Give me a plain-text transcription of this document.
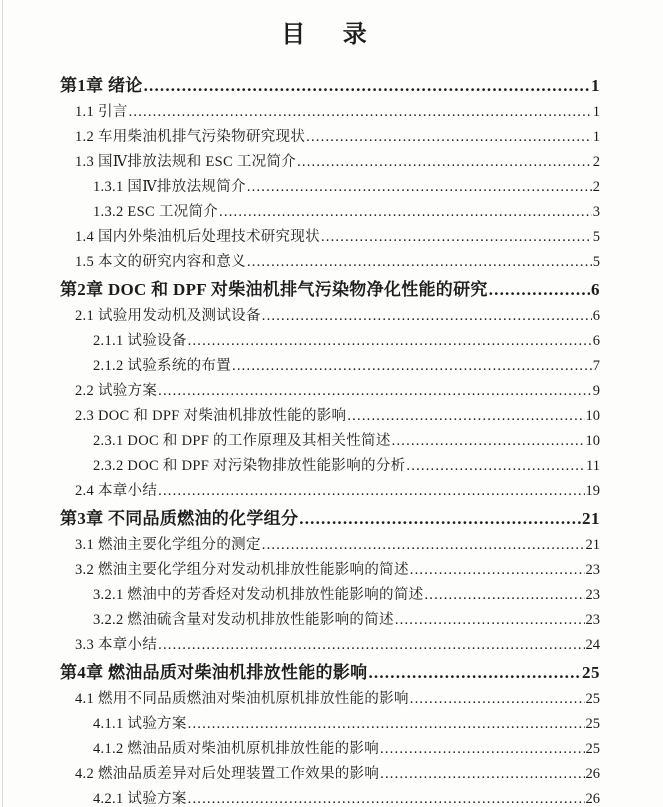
目 录
第1章 绪论 .....	1
1.1 引言 .....	1
1.2 车用柴油机排气污染物研究现状 .....	1
1.3 国Ⅳ排放法规和 ESC 工况简介 .....	2
1.3.1 国Ⅳ排放法规简介 .....	2
1.3.2 ESC 工况简介 .....	3
1.4 国内外柴油机后处理技术研究现状 .....	5
1.5 本文的研究内容和意义 .....	5
第2章 DOC 和 DPF 对柴油机排气污染物净化性能的研究 .....	6
2.1 试验用发动机及测试设备 .....	6
2.1.1 试验设备 .....	6
2.1.2 试验系统的布置 .....	7
2.2 试验方案 .....	9
2.3 DOC 和 DPF 对柴油机排放性能的影响 .....	10
2.3.1 DOC 和 DPF 的工作原理及其相关性简述 .....	10
2.3.2 DOC 和 DPF 对污染物排放性能影响的分析 .....	11
2.4 本章小结 .....	19
第3章 不同品质燃油的化学组分 .....	21
3.1 燃油主要化学组分的测定 .....	21
3.2 燃油主要化学组分对发动机排放性能影响的简述 .....	23
3.2.1 燃油中的芳香烃对发动机排放性能影响的简述 .....	23
3.2.2 燃油硫含量对发动机排放性能影响的简述 .....	23
3.3 本章小结 .....	24
第4章 燃油品质对柴油机排放性能的影响 .....	25
4.1 燃用不同品质燃油对柴油机原机排放性能的影响 .....	25
4.1.1 试验方案 .....	25
4.1.2 燃油品质对柴油机原机排放性能的影响 .....	25
4.2 燃油品质差异对后处理装置工作效果的影响 .....	26
4.2.1 试验方案 .....	26
